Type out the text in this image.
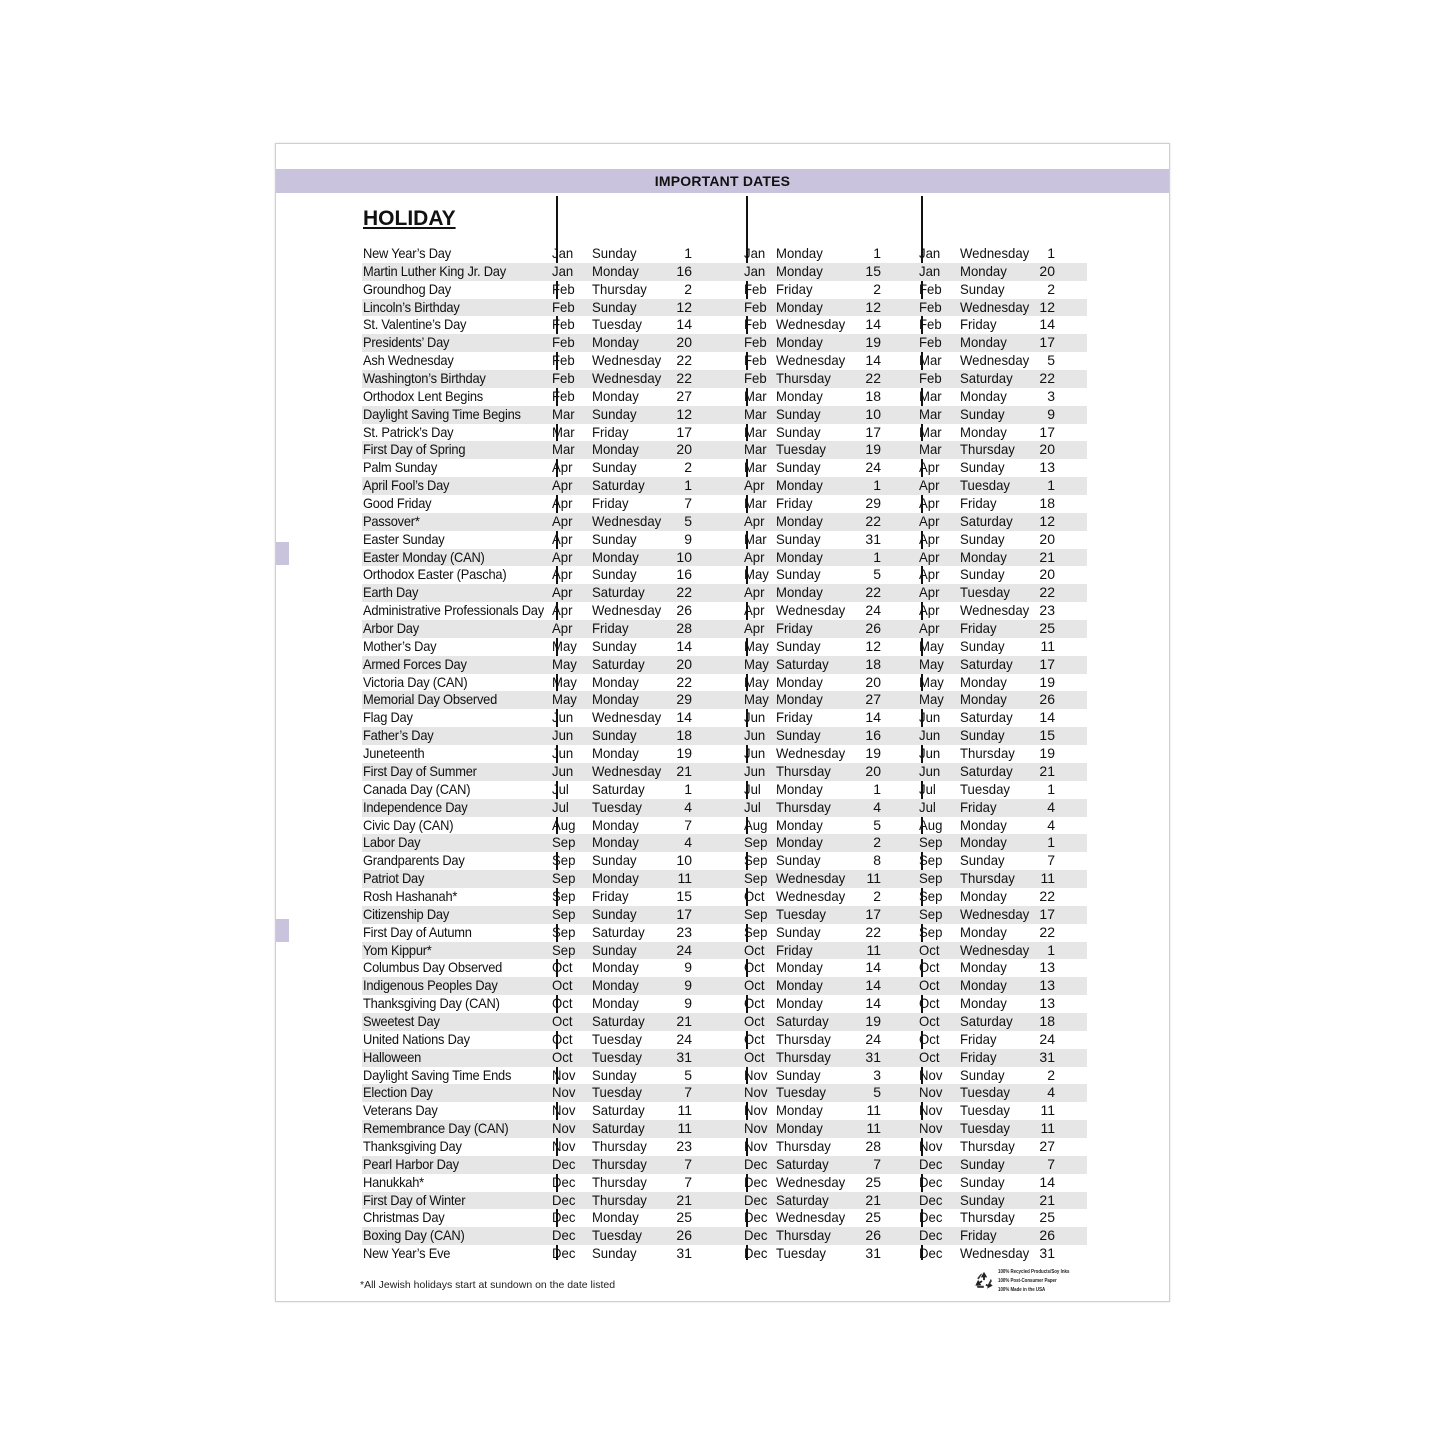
IMPORTANT DATES
HOLIDAY
New Year’s Day	Jan Sunday	1	Jan Monday	1	Jan Wednesday	1
Martin Luther King Jr. Day	Jan Monday	16	Jan Monday	15	Jan Monday	20
Groundhog Day	Feb Thursday	2	Feb Friday	2	Feb Sunday	2
Lincoln’s Birthday	Feb Sunday	12	Feb Monday	12	Feb Wednesday 12
St. Valentine’s Day	Feb Tuesday	14	Feb Wednesday	14	Feb Friday	14
Presidents’ Day	Feb Monday	20	Feb Monday	19	Feb Monday	17
Ash Wednesday	Feb Wednesday	22	Feb Wednesday	14	Mar Wednesday	5
Washington’s Birthday	Feb Wednesday	22	Feb Thursday	22	Feb Saturday	22
Orthodox Lent Begins	Feb Monday	27	Mar Monday	18	Mar Monday	3
Daylight Saving Time Begins Mar Sunday	12	Mar Sunday	10	Mar Sunday	9
St. Patrick’s Day	Mar Friday	17	Mar Sunday	17	Mar Monday	17
First Day of Spring	Mar Monday	20	Mar Tuesday	19	Mar Thursday	20
Palm Sunday	Apr Sunday	2	Mar Sunday	24	Apr Sunday	13
April Fool’s Day	Apr Saturday	1	Apr Monday	1	Apr Tuesday	1
Good Friday	Apr Friday	7	Mar Friday	29	Apr Friday	18
Passover*	Apr Wednesday	5	Apr Monday	22	Apr Saturday	12
Easter Sunday	Apr Sunday	9	Mar Sunday	31	Apr Sunday	20
Easter Monday (CAN)	Apr Monday	10	Apr Monday	1	Apr Monday	21
Orthodox Easter (Pascha)	Apr Sunday	16	May Sunday	5	Apr Sunday	20
Earth Day	Apr Saturday	22	Apr Monday	22	Apr Tuesday	22
Administrative Professionals Day Apr Wednesday	26	Apr Wednesday	24	Apr Wednesday 23
Arbor Day	Apr Friday	28	Apr Friday	26	Apr Friday	25
Mother’s Day	May Sunday	14	May Sunday	12	May Sunday	11
Armed Forces Day	May Saturday	20	May Saturday	18	May Saturday	17
Victoria Day (CAN)	May Monday	22	May Monday	20	May Monday	19
Memorial Day Observed	May Monday	29	May Monday	27	May Monday	26
Flag Day	Jun Wednesday	14	Jun Friday	14	Jun Saturday	14
Father’s Day	Jun Sunday	18	Jun Sunday	16	Jun Sunday	15
Juneteenth	Jun Monday	19	Jun Wednesday	19	Jun Thursday	19
First Day of Summer	Jun Wednesday	21	Jun Thursday	20	Jun Saturday	21
Canada Day (CAN)	Jul Saturday	1	Jul Monday	1	Jul Tuesday	1
Independence Day	Jul Tuesday	4	Jul Thursday	4	Jul Friday	4
Civic Day (CAN)	Aug Monday	7	Aug Monday	5	Aug Monday	4
Labor Day	Sep Monday	4	Sep Monday	2	Sep Monday	1
Grandparents Day	Sep Sunday	10	Sep Sunday	8	Sep Sunday	7
Patriot Day	Sep Monday	11	Sep Wednesday	11	Sep Thursday	11
Rosh Hashanah*	Sep Friday	15	Oct Wednesday	2	Sep Monday	22
Citizenship Day	Sep Sunday	17	Sep Tuesday	17	Sep Wednesday 17
First Day of Autumn	Sep Saturday	23	Sep Sunday	22	Sep Monday	22
Yom Kippur*	Sep Sunday	24	Oct Friday	11	Oct Wednesday	1
Columbus Day Observed	Oct Monday	9	Oct Monday	14	Oct Monday	13
Indigenous Peoples Day	Oct Monday	9	Oct Monday	14	Oct Monday	13
Thanksgiving Day (CAN)	Oct Monday	9	Oct Monday	14	Oct Monday	13
Sweetest Day	Oct Saturday	21	Oct Saturday	19	Oct Saturday	18
United Nations Day	Oct Tuesday	24	Oct Thursday	24	Oct Friday	24
Halloween	Oct Tuesday	31	Oct Thursday	31	Oct Friday	31
Daylight Saving Time Ends	Nov Sunday	5	Nov Sunday	3	Nov Sunday	2
Election Day	Nov Tuesday	7	Nov Tuesday	5	Nov Tuesday	4
Veterans Day	Nov Saturday	11	Nov Monday	11	Nov Tuesday	11
Remembrance Day (CAN)	Nov Saturday	11	Nov Monday	11	Nov Tuesday	11
Thanksgiving Day	Nov Thursday	23	Nov Thursday	28	Nov Thursday	27
Pearl Harbor Day	Dec Thursday	7	Dec Saturday	7	Dec Sunday	7
Hanukkah*	Dec Thursday	7	Dec Wednesday	25	Dec Sunday	14
First Day of Winter	Dec Thursday	21	Dec Saturday	21	Dec Sunday	21
Christmas Day	Dec Monday	25	Dec Wednesday	25	Dec Thursday	25
Boxing Day (CAN)	Dec Tuesday	26	Dec Thursday	26	Dec Friday	26
New Year’s Eve	Dec Sunday	31	Dec Tuesday	31	Dec Wednesday 31
*All Jewish holidays start at sundown on the date listed
100% Recycled Products/Soy Inks
100% Post-Consumer Paper
100% Made in the USA
